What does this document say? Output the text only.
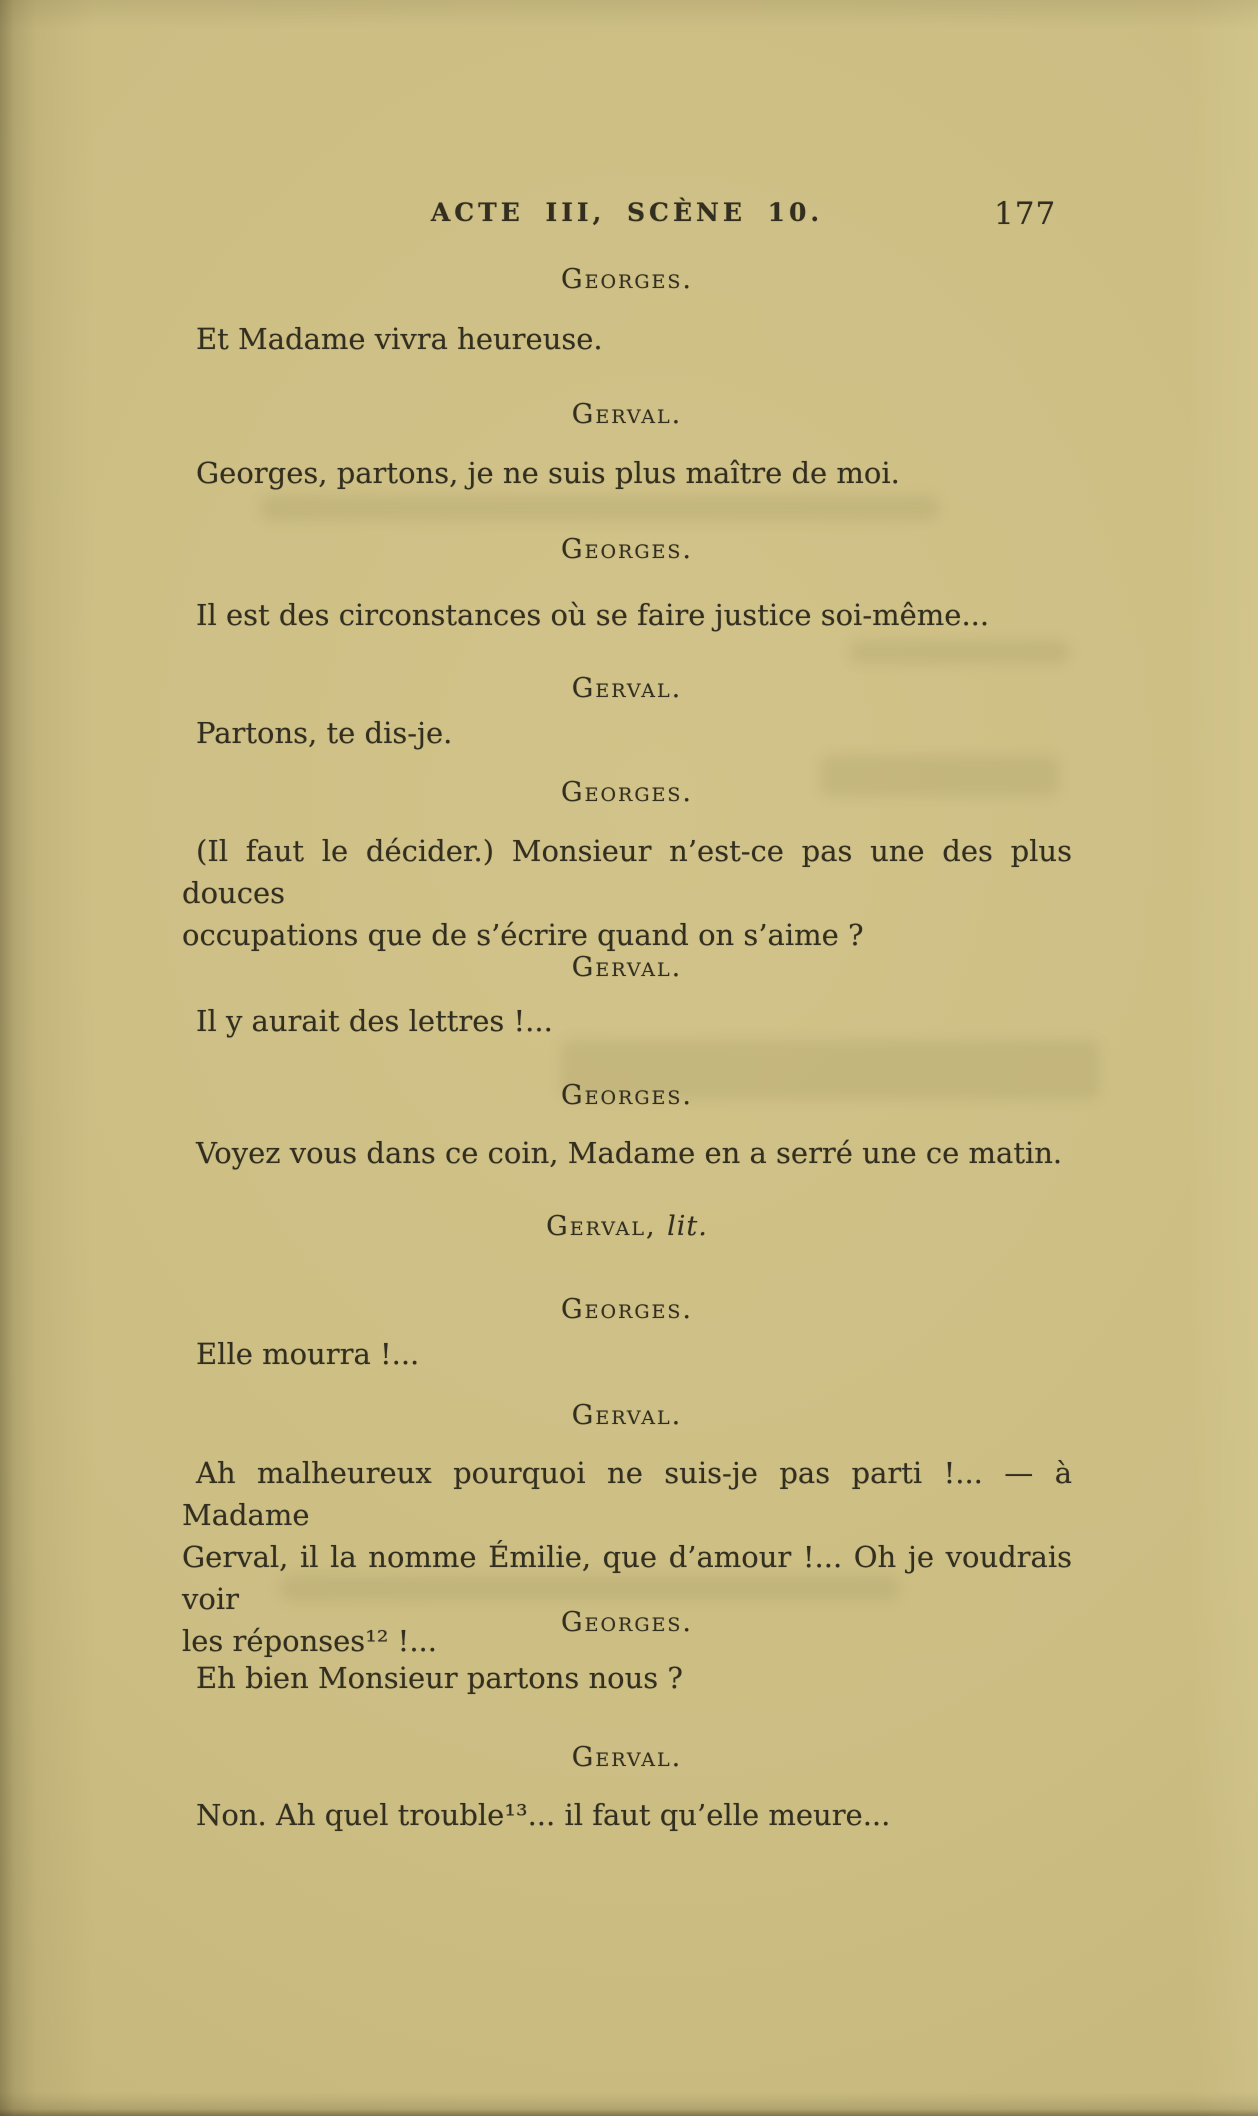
ACTE III, SCÈNE 10.	177
Georges.
Et Madame vivra heureuse.
Gerval.
Georges, partons, je ne suis plus maître de moi.
Georges.
Il est des circonstances où se faire justice soi-même...
Gerval.
Partons, te dis-je.
Georges.
(Il faut le décider.) Monsieur n’est-ce pas une des plus douces
occupations que de s’écrire quand on s’aime ?
Gerval.
Il y aurait des lettres !...
Georges.
Voyez vous dans ce coin, Madame en a serré une ce matin.
Gerval, lit.
Georges.
Elle mourra !...
Gerval.
Ah malheureux pourquoi ne suis-je pas parti !... — à Madame
Gerval, il la nomme Émilie, que d’amour !... Oh je voudrais voir
les réponses¹² !...
Georges.
Eh bien Monsieur partons nous ?
Gerval.
Non. Ah quel trouble¹³... il faut qu’elle meure...
